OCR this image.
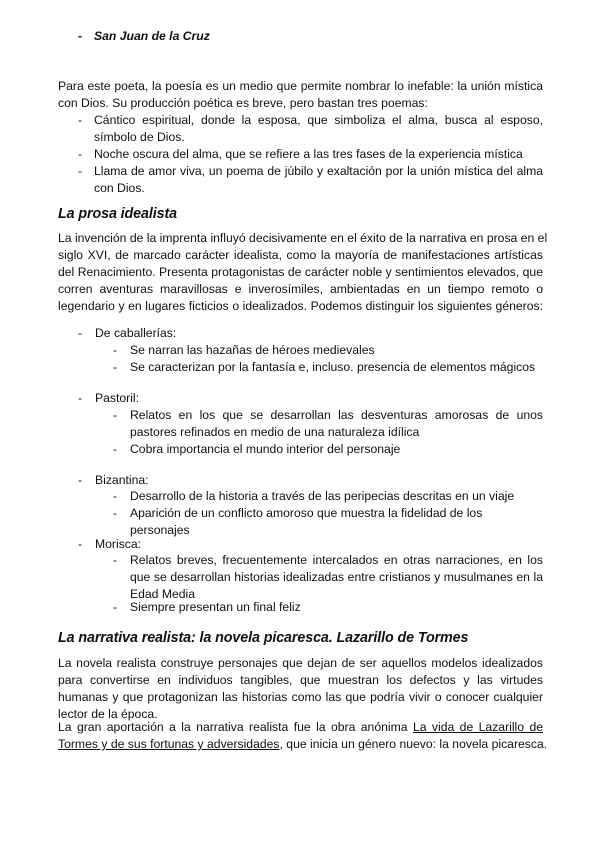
- San Juan de la Cruz
Para este poeta, la poesía es un medio que permite nombrar lo inefable: la unión mística
con Dios. Su producción poética es breve, pero bastan tres poemas:
- Cántico espiritual, donde la esposa, que simboliza el alma, busca al esposo,
símbolo de Dios.
- Noche oscura del alma, que se refiere a las tres fases de la experiencia mística
- Llama de amor viva, un poema de júbilo y exaltación por la unión mística del alma
con Dios.
La prosa idealista
La invención de la imprenta influyó decisivamente en el éxito de la narrativa en prosa en el
siglo XVI, de marcado carácter idealista, como la mayoría de manifestaciones artísticas
del Renacimiento. Presenta protagonistas de carácter noble y sentimientos elevados, que
corren aventuras maravillosas e inverosímiles, ambientadas en un tiempo remoto o
legendario y en lugares ficticios o idealizados. Podemos distinguir los siguientes géneros:
-	De caballerías:
-	Se narran las hazañas de héroes medievales
-	Se caracterizan por la fantasía e, incluso. presencia de elementos mágicos
-	Pastoril:
-	Relatos en los que se desarrollan las desventuras amorosas de unos
pastores refinados en medio de una naturaleza idílica
-	Cobra importancia el mundo interior del personaje
-	Bizantina:
-	Desarrollo de la historia a través de las peripecias descritas en un viaje
-	Aparición de un conflicto amoroso que muestra la fidelidad de los personajes
-	Morisca:
-	Relatos breves, frecuentemente intercalados en otras narraciones, en los
que se desarrollan historias idealizadas entre cristianos y musulmanes en la
Edad Media
-	Siempre presentan un final feliz
La narrativa realista: la novela picaresca. Lazarillo de Tormes
La novela realista construye personajes que dejan de ser aquellos modelos idealizados
para convertirse en individuos tangibles, que muestran los defectos y las virtudes
humanas y que protagonizan las historias como las que podría vivir o conocer cualquier
lector de la época.
La gran aportación a la narrativa realista fue la obra anónima La vida de Lazarillo de
Tormes y de sus fortunas y adversidades, que inicia un género nuevo: la novela picaresca.
